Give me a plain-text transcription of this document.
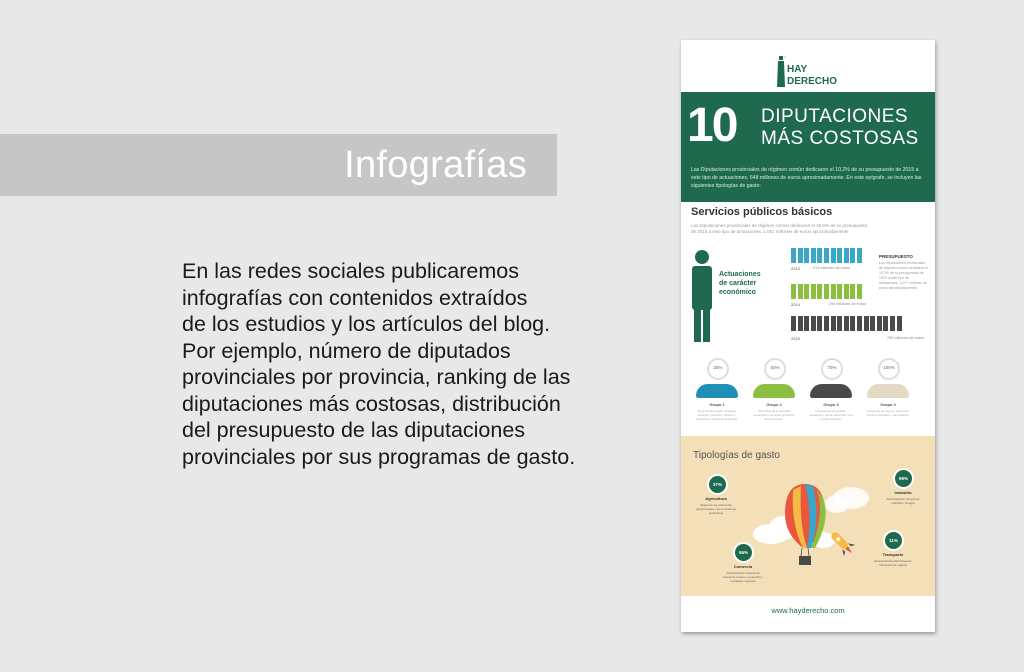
Infografías
En las redes sociales publicaremos
infografías con contenidos extraídos
de los estudios y los artículos del blog.
Por ejemplo, número de diputados
provinciales por provincia, ranking de las
diputaciones más costosas, distribución
del presupuesto de las diputaciones
provinciales por sus programas de gasto.
HAY
DERECHO
10 DIPUTACIONES
MÁS COSTOSAS
Las Diputaciones provinciales de régimen común dedicaron el 10,2% de su presupuesto de 2015 a este tipo de actuaciones, 648 millones de euros aproximadamente. En este epígrafe, se incluyen las siguientes tipologías de gasto:
Servicios públicos básicos
Las Diputaciones provinciales de régimen común dedicaron el 16,5% de su presupuesto de 2015 a este tipo de actuaciones, 1.051 millones de euros aproximadamente.
Actuaciones
de carácter
económico
2013	213 millones de euros
2014	294 millones de euros
2015	765 millones de euros
PRESUPUESTO
Las Diputaciones provinciales de régimen común dedicaron el 10,2% de su presupuesto de 2015 a este tipo de actuaciones, 1.077 millones de euros aproximadamente.
25%
Grupo 1
Fomento del empleo, Industria, Energía, Comercio, Turismo y Pequeñas y medianas empresas.
50%
Grupo 2
Promoción de la actividad económica y del tejido productivo de la provincia.
75%
Grupo 3
Infraestructuras agrarias, ganadería y pesca, desarrollo rural y medio ambiente.
100%
Grupo 4
Transporte de viajeros, carreteras, caminos vecinales y vías públicas.
Tipologías de gasto
37%
Agricultura
Mejora de las estructuras agropecuarias y de los sistemas productivos
69%
Industria
Administración General de Industria y energía
55%
Comercio
Administración General de Comercio, turismo y pequeñas y medianas empresas
11%
Transporte
Infraestructuras del transporte. Transporte de viajeros
www.hayderecho.com
